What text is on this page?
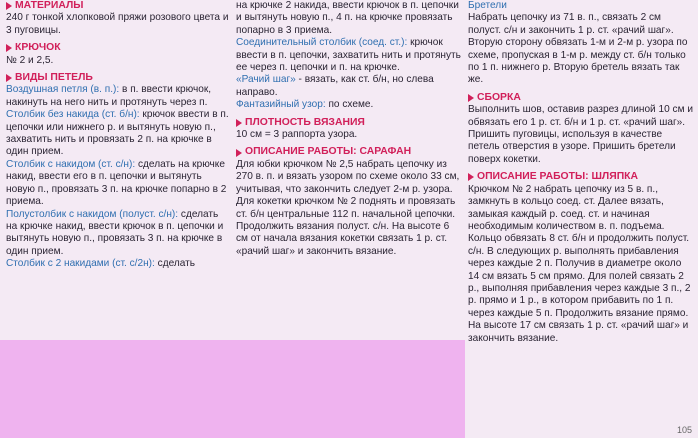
МАТЕРИАЛЫ

240 г тонкой хлопковой пряжи розового цвета и 3 пуговицы.

КРЮЧОК

№ 2 и 2,5.

ВИДЫ ПЕТЕЛЬ

Воздушная петля (в. п.): в п. ввести крючок, накинуть на него нить и протянуть через п.

Столбик без накида (ст. б/н): крючок ввести в п. цепочки или нижнего р. и вытянуть новую п., захватить нить и провязать 2 п. на крючке в один прием.

Столбик с накидом (ст. с/н): сделать на крючке накид, ввести его в п. цепочки и вытянуть новую п., провязать 3 п. на крючке попарно в 2 приема.

Полустолбик с накидом (полуст. с/н): сделать на крючке накид, ввести крючок в п. цепочки и вытянуть новую п., провязать 3 п. на крючке в один прием.

Столбик с 2 накидами (ст. с/2н): сделать

на крючке 2 накида, ввести крючок в п. цепочки и вытянуть новую п., 4 п. на крючке провязать попарно в 3 приема.

Соединительный столбик (соед. ст.): крючок ввести в п. цепочки, захватить нить и протянуть ее через п. цепочки и п. на крючке.

«Рачий шаг» - вязать, как ст. б/н, но слева направо.

Фантазийный узор: по схеме.

ПЛОТНОСТЬ ВЯЗАНИЯ

10 см = 3 раппорта узора.

ОПИСАНИЕ РАБОТЫ: САРАФАН

Для юбки крючком № 2,5 набрать цепочку из 270 в. п. и вязать узором по схеме около 33 см, учитывая, что закончить следует 2-м р. узора. Для кокетки крючком № 2 поднять и провязать ст. б/н центральные 112 п. начальной цепочки. Продолжить вязания полуст. с/н. На высоте 6 см от начала вязания кокетки связать 1 р. ст. «рачий шаг» и закончить вязание.

Бретели

Набрать цепочку из 71 в. п., связать 2 см полуст. с/н и закончить 1 р. ст. «рачий шаг». Вторую сторону обвязать 1-м и 2-м р. узора по схеме, пропуская в 1-м р. между ст. б/н только по 1 п. нижнего р. Вторую бретель вязать так же.

СБОРКА

Выполнить шов, оставив разрез длиной 10 см и обвязать его 1 р. ст. б/н и 1 р. ст. «рачий шаг». Пришить пуговицы, используя в качестве петель отверстия в узоре. Пришить бретели поверх кокетки.

ОПИСАНИЕ РАБОТЫ: ШЛЯПКА

Крючком № 2 набрать цепочку из 5 в. п., замкнуть в кольцо соед. ст. Далее вязать, замыкая каждый р. соед. ст. и начиная необходимым количеством в. п. подъема. Кольцо обвязать 8 ст. б/н и продолжить полуст. с/н. В следующих р. выполнять прибавления через каждые 2 п. Получив в диаметре около 14 см вязать 5 см прямо. Для полей связать 2 р., выполняя прибавления через каждые 3 п., 2 р. прямо и 1 р., в котором прибавить по 1 п. через каждые 5 п. Продолжить вязание прямо. На высоте 17 см связать 1 р. ст. «рачий шаг» и закончить вязание.

105
